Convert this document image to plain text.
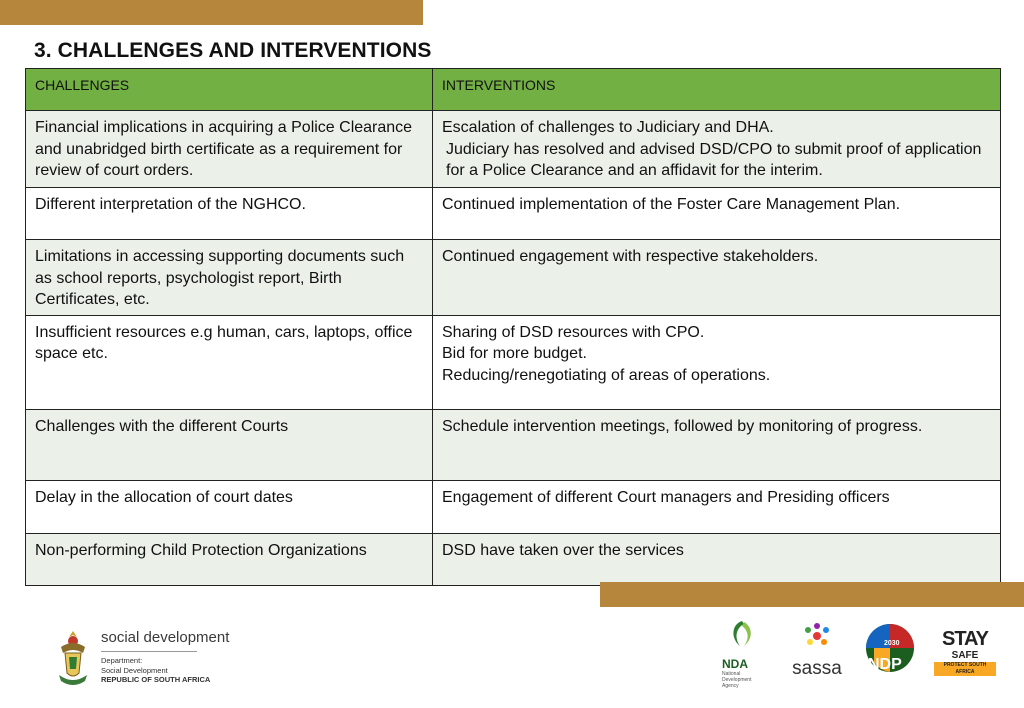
3. CHALLENGES AND INTERVENTIONS
CHALLENGES	INTERVENTIONS
Financial implications in acquiring a Police Clearance and unabridged birth certificate as a requirement for review of court orders.	Escalation of challenges to Judiciary and DHA.
Judiciary has resolved and advised DSD/CPO to submit proof of application for a Police Clearance and an affidavit for the interim.

Different interpretation of the NGHCO.	Continued implementation of the Foster Care Management Plan.

Limitations in accessing supporting documents such as school reports, psychologist report, Birth Certificates, etc.	Continued engagement with respective stakeholders.

Insufficient resources e.g human, cars, laptops, office space etc.	Sharing of DSD resources with CPO.
Bid for more budget.
Reducing/renegotiating of areas of operations.

Challenges with the different Courts	Schedule intervention meetings, followed by monitoring of progress.

Delay in the allocation of court dates	Engagement of different Court managers and Presiding officers

Non-performing Child Protection Organizations	DSD have taken over the services
social development
Department:
Social Development
REPUBLIC OF SOUTH AFRICA
NDA
National
Development
Agency
sassa
2030
NDP
STAY
SAFE
PROTECT SOUTH AFRICA
